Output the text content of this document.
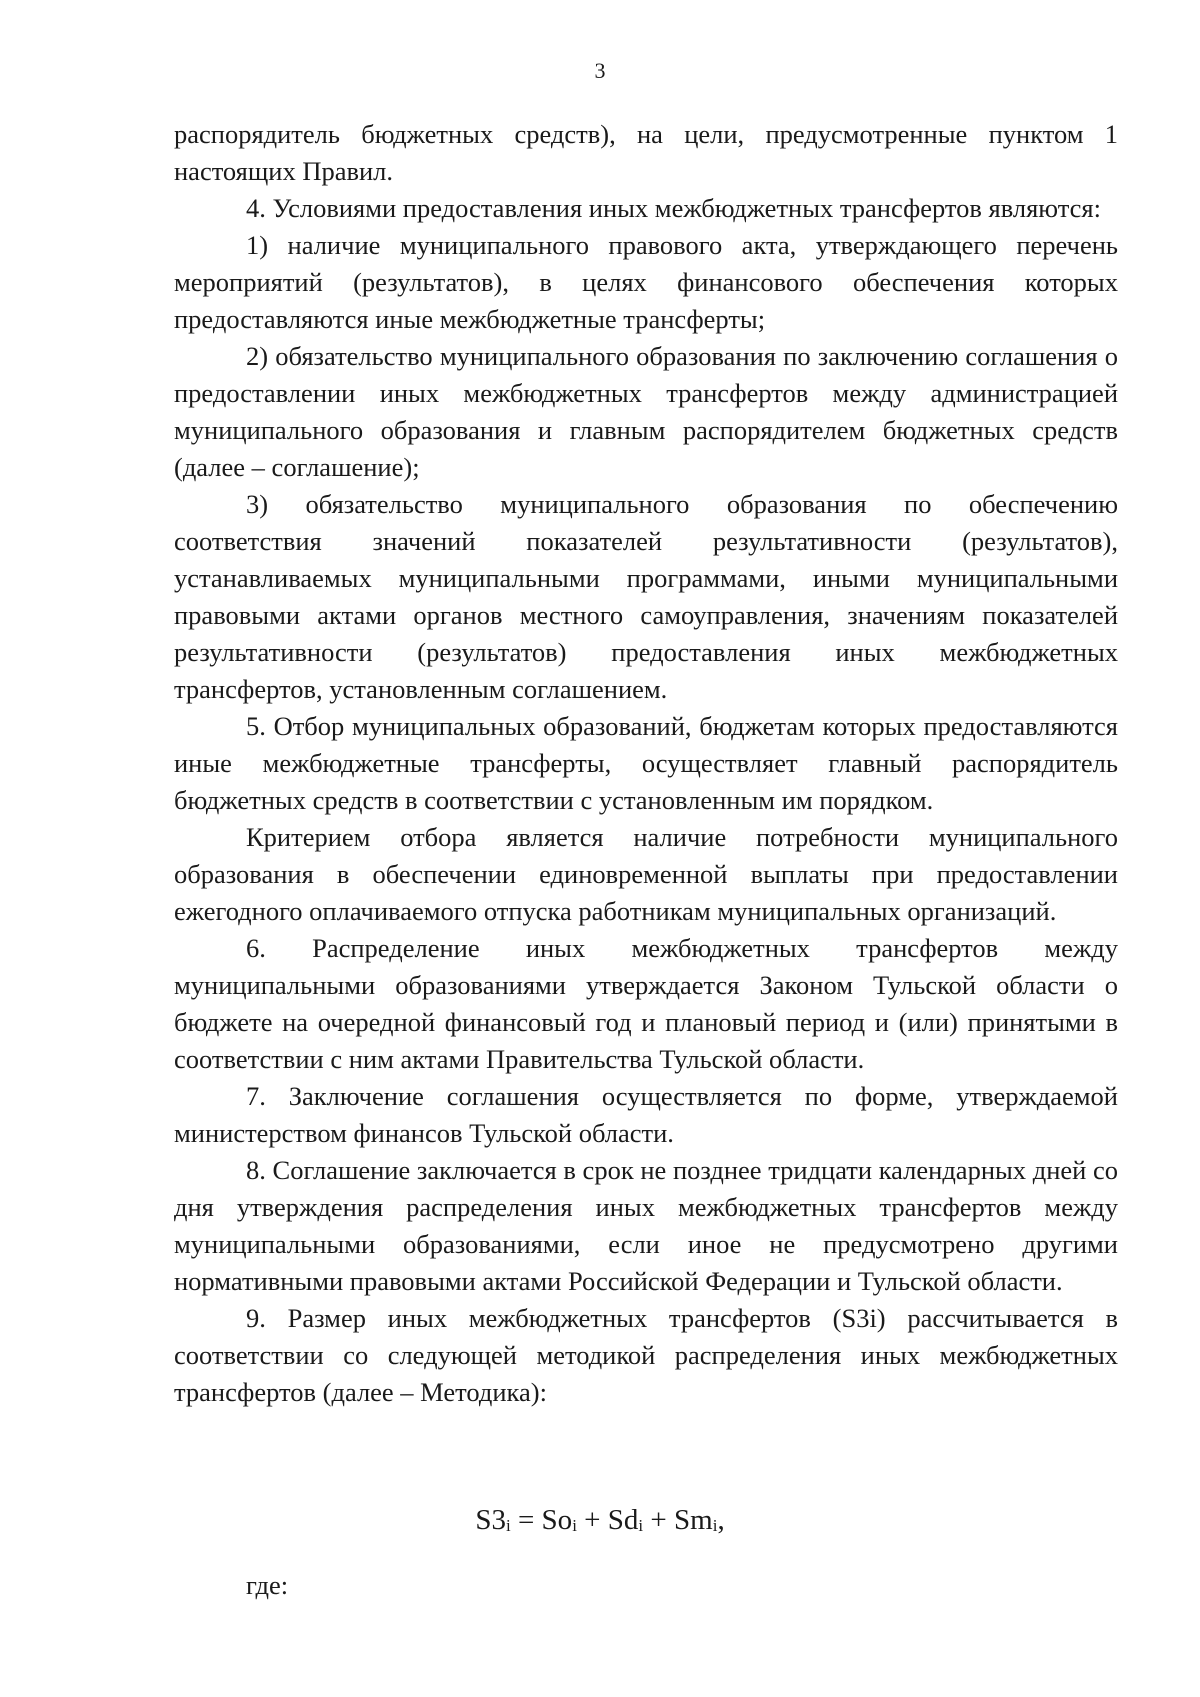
3

распорядитель бюджетных средств), на цели, предусмотренные пунктом 1 настоящих Правил.

4. Условиями предоставления иных межбюджетных трансфертов являются:

1) наличие муниципального правового акта, утверждающего перечень мероприятий (результатов), в целях финансового обеспечения которых предоставляются иные межбюджетные трансферты;

2) обязательство муниципального образования по заключению соглашения о предоставлении иных межбюджетных трансфертов между администрацией муниципального образования и главным распорядителем бюджетных средств (далее – соглашение);

3) обязательство муниципального образования по обеспечению соответствия значений показателей результативности (результатов), устанавливаемых муниципальными программами, иными муниципальными правовыми актами органов местного самоуправления, значениям показателей результативности (результатов) предоставления иных межбюджетных трансфертов, установленным соглашением.

5. Отбор муниципальных образований, бюджетам которых предоставляются иные межбюджетные трансферты, осуществляет главный распорядитель бюджетных средств в соответствии с установленным им порядком.

Критерием отбора является наличие потребности муниципального образования в обеспечении единовременной выплаты при предоставлении ежегодного оплачиваемого отпуска работникам муниципальных организаций.

6. Распределение иных межбюджетных трансфертов между муниципальными образованиями утверждается Законом Тульской области о бюджете на очередной финансовый год и плановый период и (или) принятыми в соответствии с ним актами Правительства Тульской области.

7. Заключение соглашения осуществляется по форме, утверждаемой министерством финансов Тульской области.

8. Соглашение заключается в срок не позднее тридцати календарных дней со дня утверждения распределения иных межбюджетных трансфертов между муниципальными образованиями, если иное не предусмотрено другими нормативными правовыми актами Российской Федерации и Тульской области.

9. Размер иных межбюджетных трансфертов (S3i) рассчитывается в соответствии со следующей методикой распределения иных межбюджетных трансфертов (далее – Методика):

$S3_i = So_i + Sd_i + Sm_i$,
где:
